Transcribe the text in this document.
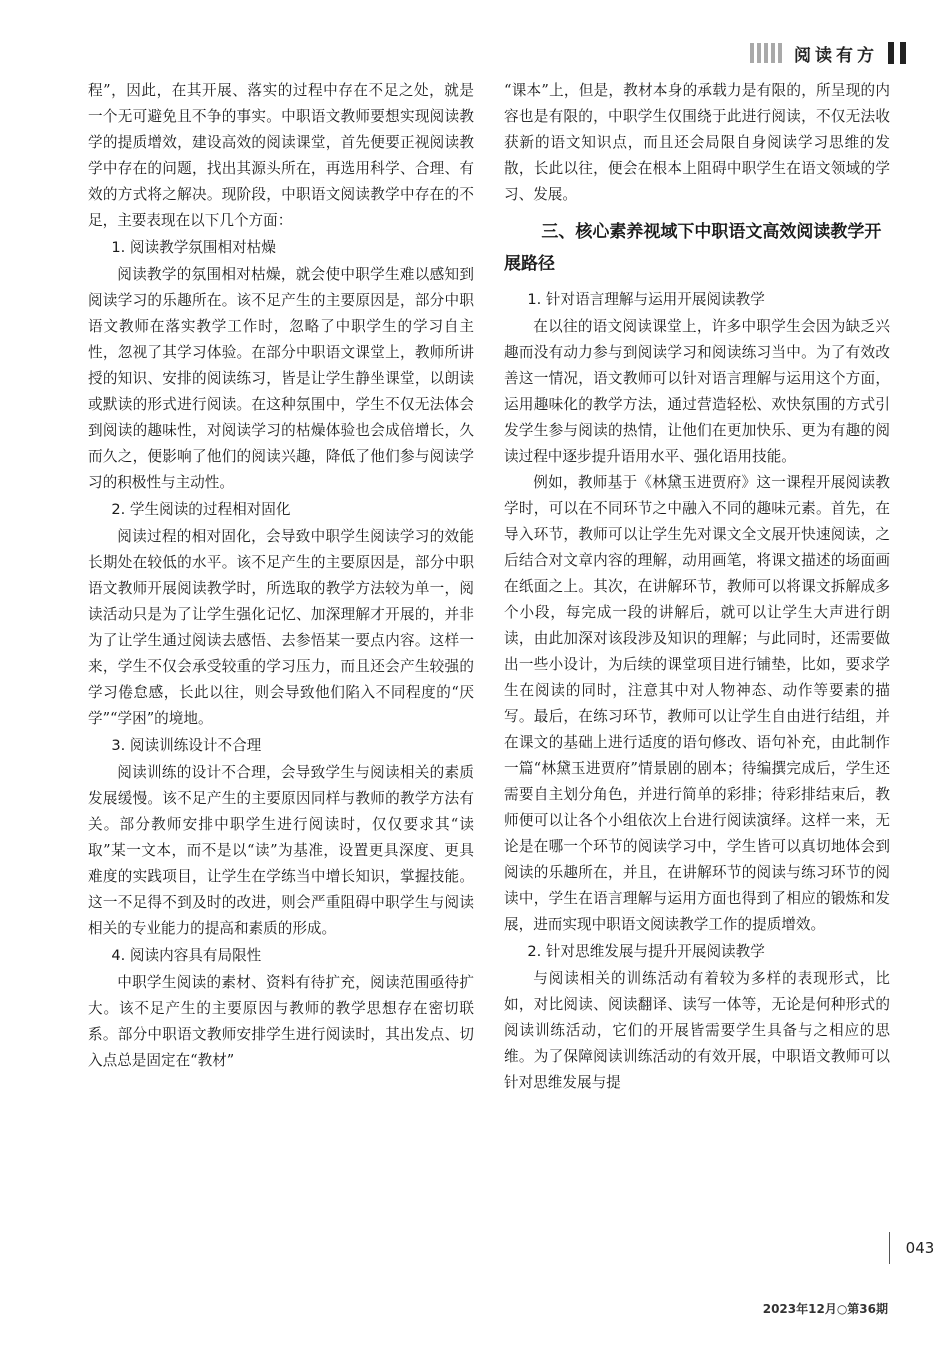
阅读有方

程”，因此，在其开展、落实的过程中存在不足之处，就是一个无可避免且不争的事实。中职语文教师要想实现阅读教学的提质增效，建设高效的阅读课堂，首先便要正视阅读教学中存在的问题，找出其源头所在，再选用科学、合理、有效的方式将之解决。现阶段，中职语文阅读教学中存在的不足，主要表现在以下几个方面：

1. 阅读教学氛围相对枯燥

阅读教学的氛围相对枯燥，就会使中职学生难以感知到阅读学习的乐趣所在。该不足产生的主要原因是，部分中职语文教师在落实教学工作时，忽略了中职学生的学习自主性，忽视了其学习体验。在部分中职语文课堂上，教师所讲授的知识、安排的阅读练习，皆是让学生静坐课堂，以朗读或默读的形式进行阅读。在这种氛围中，学生不仅无法体会到阅读的趣味性，对阅读学习的枯燥体验也会成倍增长，久而久之，便影响了他们的阅读兴趣，降低了他们参与阅读学习的积极性与主动性。

2. 学生阅读的过程相对固化

阅读过程的相对固化，会导致中职学生阅读学习的效能长期处在较低的水平。该不足产生的主要原因是，部分中职语文教师开展阅读教学时，所选取的教学方法较为单一，阅读活动只是为了让学生强化记忆、加深理解才开展的，并非为了让学生通过阅读去感悟、去参悟某一要点内容。这样一来，学生不仅会承受较重的学习压力，而且还会产生较强的学习倦怠感，长此以往，则会导致他们陷入不同程度的“厌学”“学困”的境地。

3. 阅读训练设计不合理

阅读训练的设计不合理，会导致学生与阅读相关的素质发展缓慢。该不足产生的主要原因同样与教师的教学方法有关。部分教师安排中职学生进行阅读时，仅仅要求其“读取”某一文本，而不是以“读”为基准，设置更具深度、更具难度的实践项目，让学生在学练当中增长知识，掌握技能。这一不足得不到及时的改进，则会严重阻碍中职学生与阅读相关的专业能力的提高和素质的形成。

4. 阅读内容具有局限性

中职学生阅读的素材、资料有待扩充，阅读范围亟待扩大。该不足产生的主要原因与教师的教学思想存在密切联系。部分中职语文教师安排学生进行阅读时，其出发点、切入点总是固定在“教材”

“课本”上，但是，教材本身的承载力是有限的，所呈现的内容也是有限的，中职学生仅围绕于此进行阅读，不仅无法收获新的语文知识点，而且还会局限自身阅读学习思维的发散，长此以往，便会在根本上阻碍中职学生在语文领域的学习、发展。

三、核心素养视域下中职语文高效阅读教学开展路径
1. 针对语言理解与运用开展阅读教学

在以往的语文阅读课堂上，许多中职学生会因为缺乏兴趣而没有动力参与到阅读学习和阅读练习当中。为了有效改善这一情况，语文教师可以针对语言理解与运用这个方面，运用趣味化的教学方法，通过营造轻松、欢快氛围的方式引发学生参与阅读的热情，让他们在更加快乐、更为有趣的阅读过程中逐步提升语用水平、强化语用技能。

例如，教师基于《林黛玉进贾府》这一课程开展阅读教学时，可以在不同环节之中融入不同的趣味元素。首先，在导入环节，教师可以让学生先对课文全文展开快速阅读，之后结合对文章内容的理解，动用画笔，将课文描述的场面画在纸面之上。其次，在讲解环节，教师可以将课文拆解成多个小段，每完成一段的讲解后，就可以让学生大声进行朗读，由此加深对该段涉及知识的理解；与此同时，还需要做出一些小设计，为后续的课堂项目进行铺垫，比如，要求学生在阅读的同时，注意其中对人物神态、动作等要素的描写。最后，在练习环节，教师可以让学生自由进行结组，并在课文的基础上进行适度的语句修改、语句补充，由此制作一篇“林黛玉进贾府”情景剧的剧本；待编撰完成后，学生还需要自主划分角色，并进行简单的彩排；待彩排结束后，教师便可以让各个小组依次上台进行阅读演绎。这样一来，无论是在哪一个环节的阅读学习中，学生皆可以真切地体会到阅读的乐趣所在，并且，在讲解环节的阅读与练习环节的阅读中，学生在语言理解与运用方面也得到了相应的锻炼和发展，进而实现中职语文阅读教学工作的提质增效。

2. 针对思维发展与提升开展阅读教学

与阅读相关的训练活动有着较为多样的表现形式，比如，对比阅读、阅读翻译、读写一体等，无论是何种形式的阅读训练活动，它们的开展皆需要学生具备与之相应的思维。为了保障阅读训练活动的有效开展，中职语文教师可以针对思维发展与提

043
2023年12月○第36期
